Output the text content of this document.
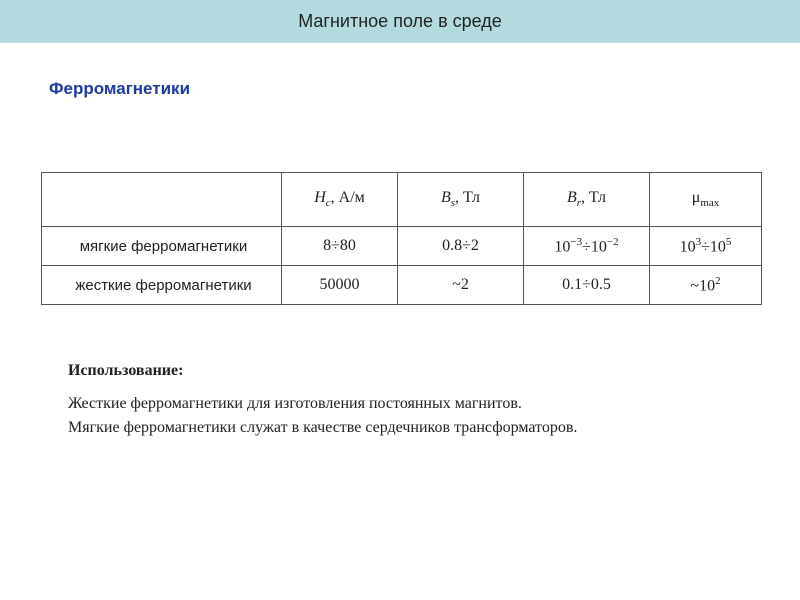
Магнитное поле в среде
Ферромагнетики
	$H_c$, А/м	$B_s$, Тл	$B_r$, Тл	$\mu_{max}$
мягкие ферромагнетики	8÷80	0.8÷2	$10^{-3}\div 10^{-2}$	$10^3\div 10^5$
жесткие ферромагнетики	50000	~2	0.1÷0.5	$\sim 10^2$
Использование:
Жесткие ферромагнетики для изготовления постоянных магнитов.
Мягкие ферромагнетики служат в качестве сердечников трансформаторов.
